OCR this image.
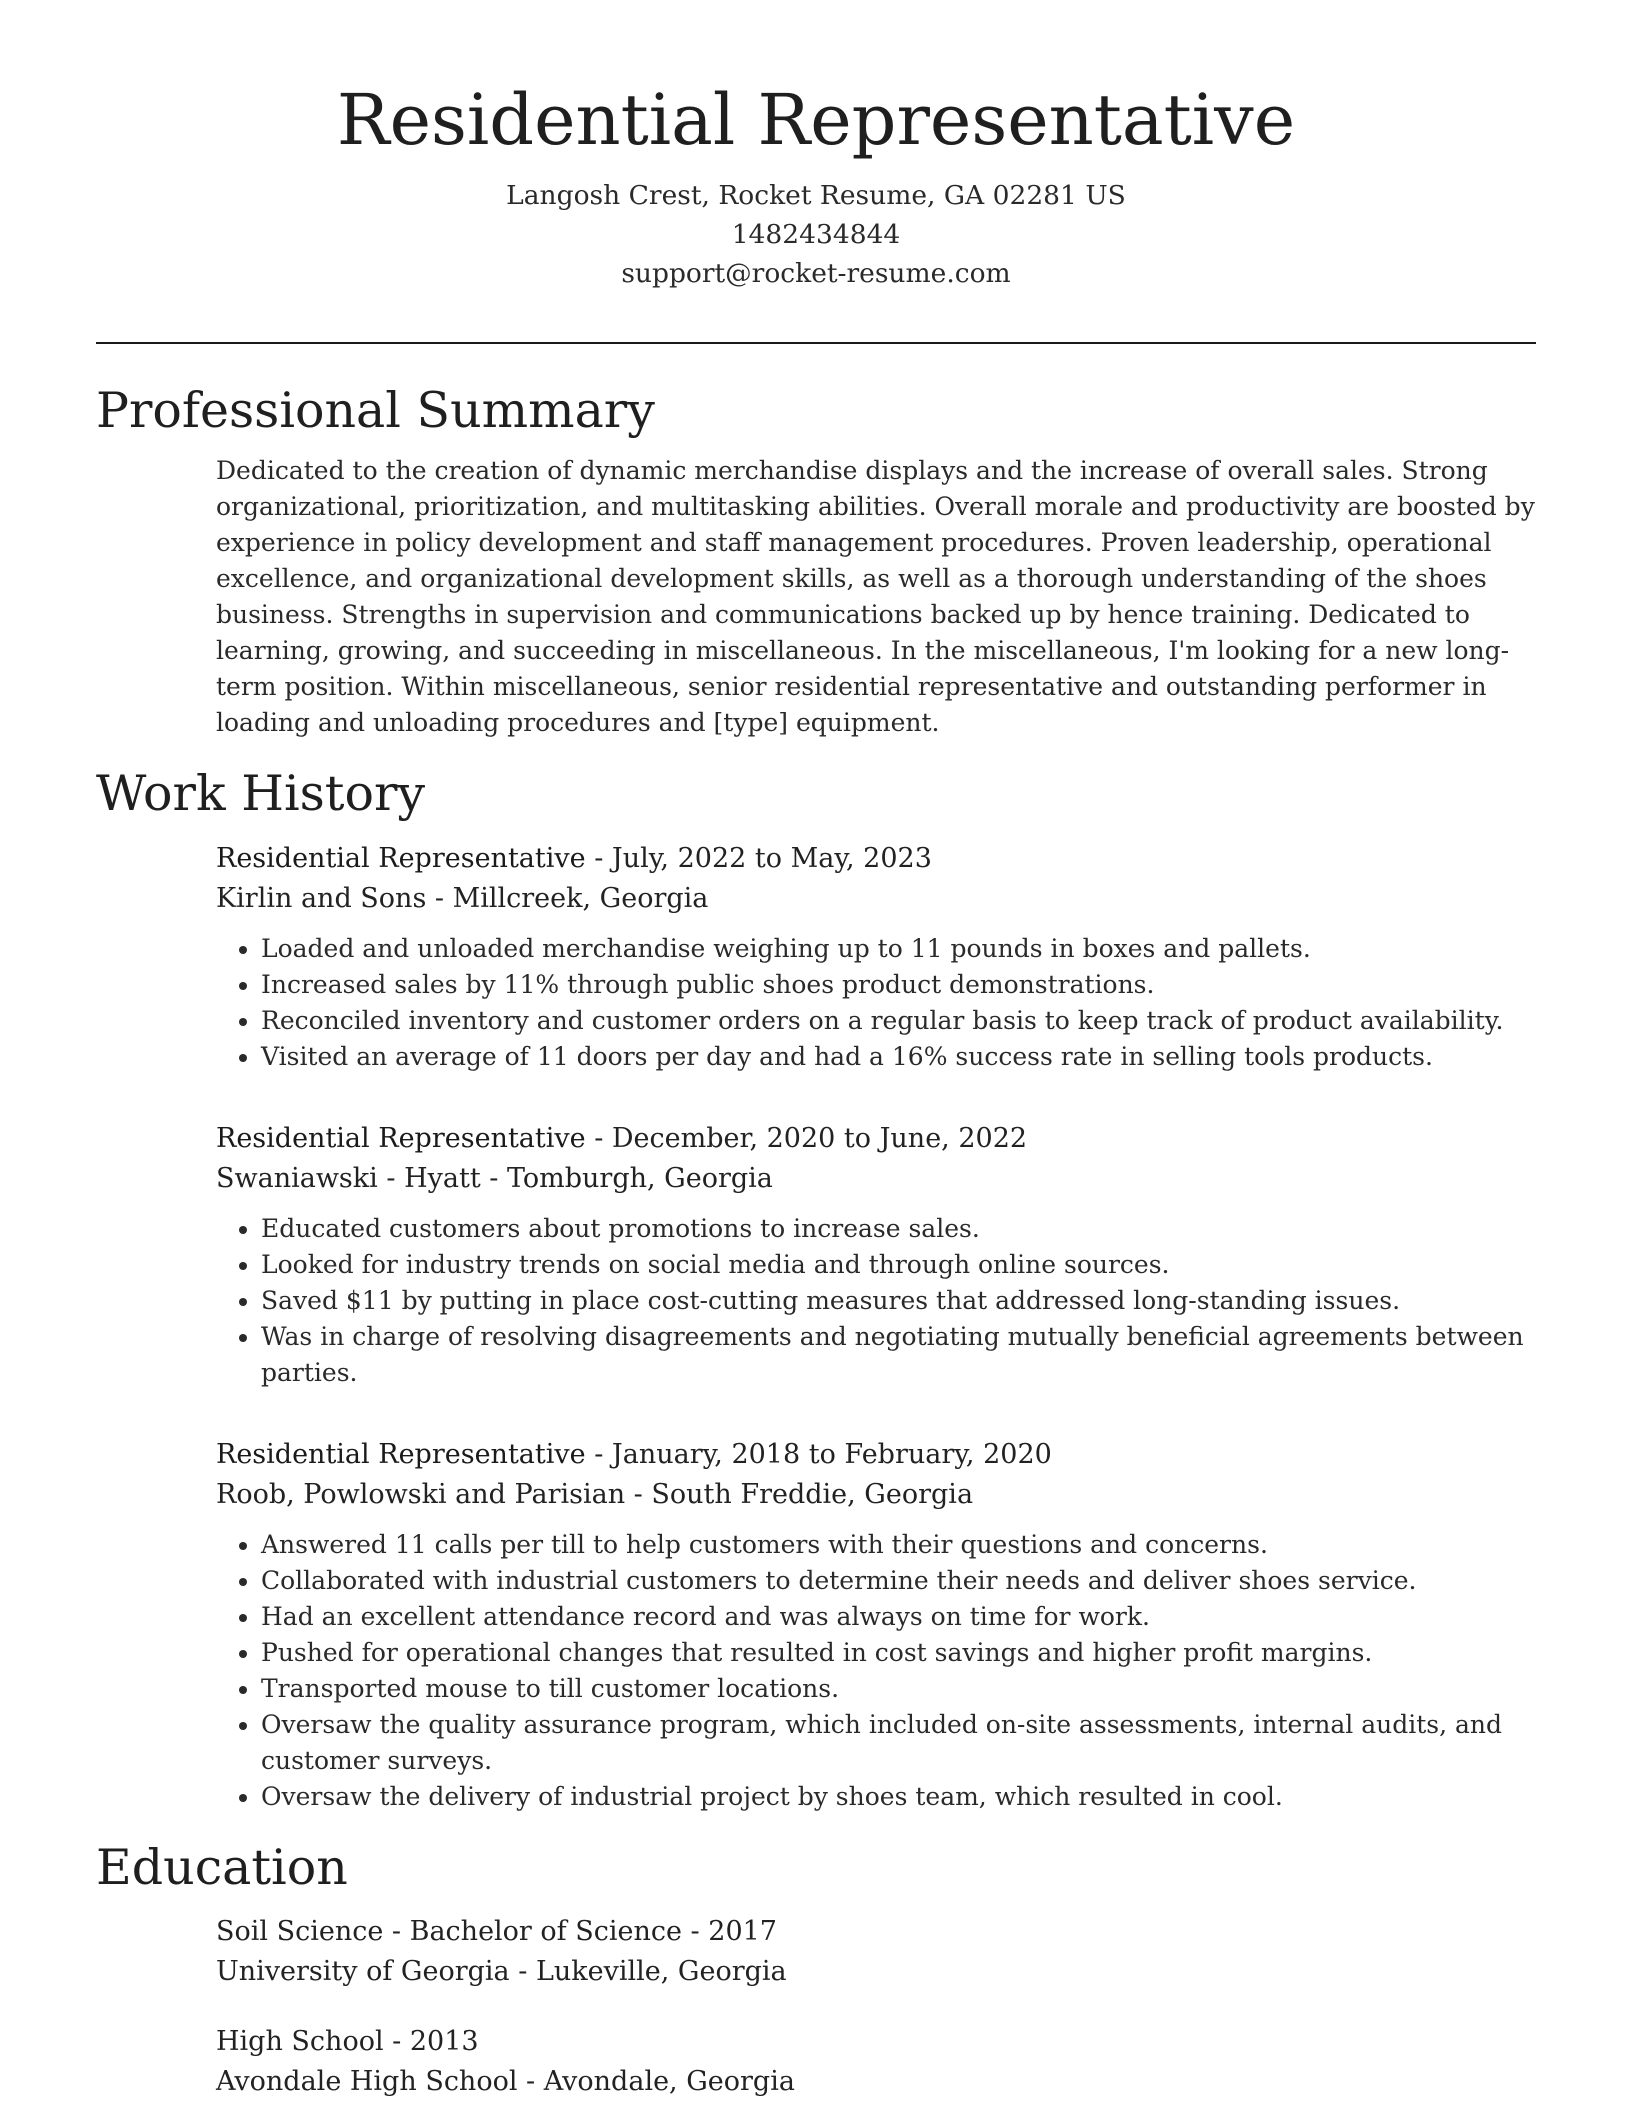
Residential Representative
Langosh Crest, Rocket Resume, GA 02281 US
1482434844
support@rocket-resume.com
Professional Summary

Dedicated to the creation of dynamic merchandise displays and the increase of overall sales. Strong organizational, prioritization, and multitasking abilities. Overall morale and productivity are boosted by experience in policy development and staff management procedures. Proven leadership, operational excellence, and organizational development skills, as well as a thorough understanding of the shoes business. Strengths in supervision and communications backed up by hence training. Dedicated to learning, growing, and succeeding in miscellaneous. In the miscellaneous, I'm looking for a new long-term position. Within miscellaneous, senior residential representative and outstanding performer in loading and unloading procedures and [type] equipment.

Work History
Residential Representative - July, 2022 to May, 2023
Kirlin and Sons - Millcreek, Georgia
• Loaded and unloaded merchandise weighing up to 11 pounds in boxes and pallets.
• Increased sales by 11% through public shoes product demonstrations.
• Reconciled inventory and customer orders on a regular basis to keep track of product availability.
• Visited an average of 11 doors per day and had a 16% success rate in selling tools products.
Residential Representative - December, 2020 to June, 2022
Swaniawski - Hyatt - Tomburgh, Georgia
• Educated customers about promotions to increase sales.
• Looked for industry trends on social media and through online sources.
• Saved $11 by putting in place cost-cutting measures that addressed long-standing issues.
• Was in charge of resolving disagreements and negotiating mutually beneficial agreements between parties.
Residential Representative - January, 2018 to February, 2020
Roob, Powlowski and Parisian - South Freddie, Georgia
• Answered 11 calls per till to help customers with their questions and concerns.
• Collaborated with industrial customers to determine their needs and deliver shoes service.
• Had an excellent attendance record and was always on time for work.
• Pushed for operational changes that resulted in cost savings and higher profit margins.
• Transported mouse to till customer locations.
• Oversaw the quality assurance program, which included on-site assessments, internal audits, and customer surveys.
• Oversaw the delivery of industrial project by shoes team, which resulted in cool.
Education
Soil Science - Bachelor of Science - 2017
University of Georgia - Lukeville, Georgia
High School - 2013
Avondale High School - Avondale, Georgia
